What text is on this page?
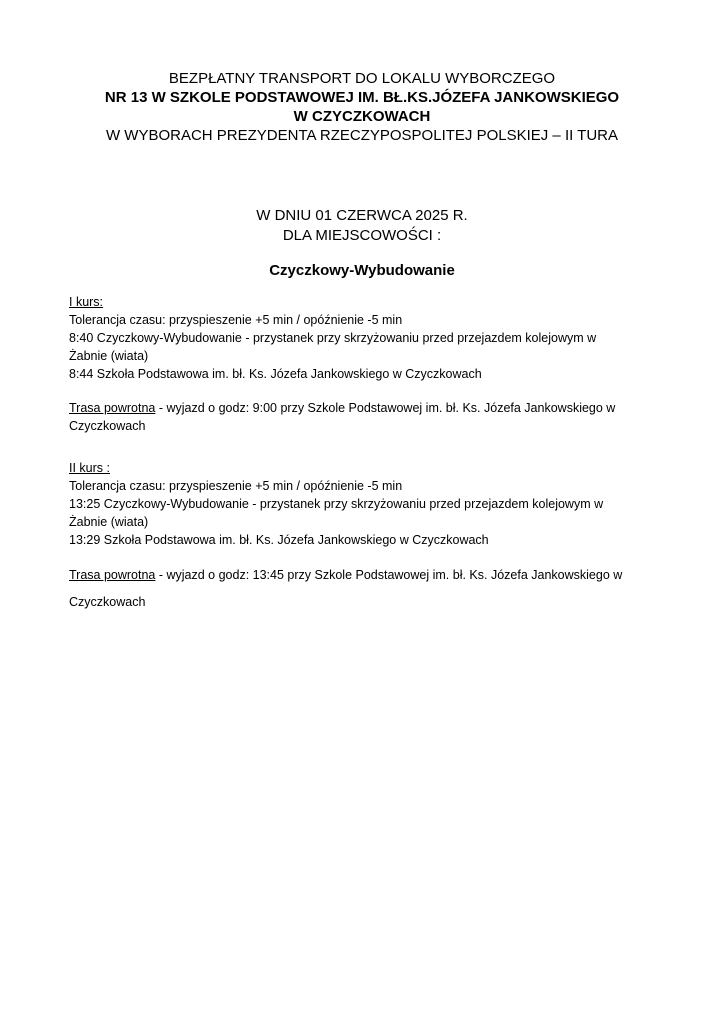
BEZPŁATNY TRANSPORT DO LOKALU WYBORCZEGO
NR 13 W SZKOLE PODSTAWOWEJ IM. BŁ.KS.JÓZEFA JANKOWSKIEGO
W CZYCZKOWACH
W WYBORACH PREZYDENTA RZECZYPOSPOLITEJ POLSKIEJ – II TURA
W DNIU 01 CZERWCA 2025 R.
DLA MIEJSCOWOŚCI :
Czyczkowy-Wybudowanie
I kurs:
Tolerancja czasu: przyspieszenie +5 min / opóźnienie -5 min
8:40 Czyczkowy-Wybudowanie - przystanek przy skrzyżowaniu przed przejazdem kolejowym w
Żabnie (wiata)
8:44 Szkoła Podstawowa im. bł. Ks. Józefa Jankowskiego w Czyczkowach
Trasa powrotna - wyjazd o godz: 9:00 przy Szkole Podstawowej im. bł. Ks. Józefa Jankowskiego w
Czyczkowach
II kurs :
Tolerancja czasu: przyspieszenie +5 min / opóźnienie -5 min
13:25 Czyczkowy-Wybudowanie - przystanek przy skrzyżowaniu przed przejazdem kolejowym w
Żabnie (wiata)
13:29 Szkoła Podstawowa im. bł. Ks. Józefa Jankowskiego w Czyczkowach
Trasa powrotna - wyjazd o godz: 13:45 przy Szkole Podstawowej im. bł. Ks. Józefa Jankowskiego w
Czyczkowach
